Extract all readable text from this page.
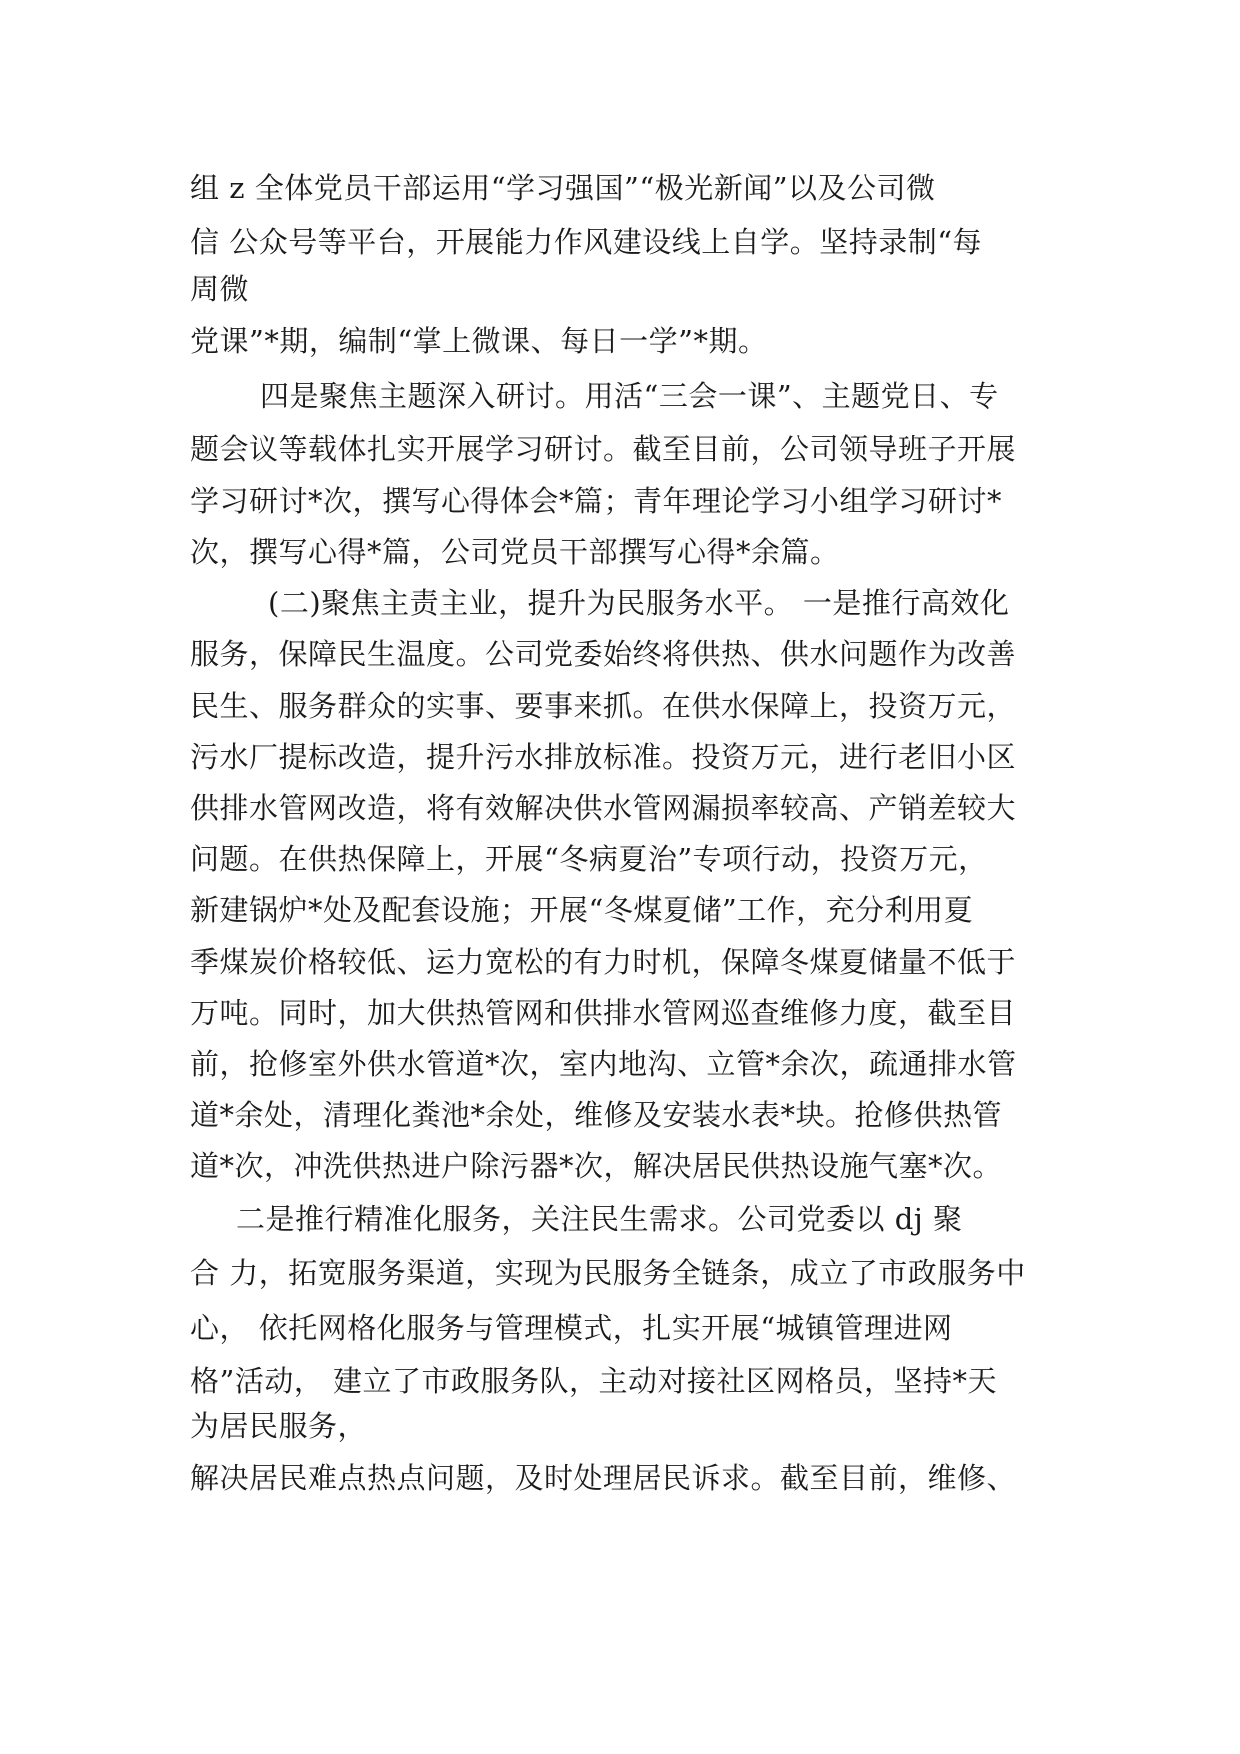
组 z 全体党员干部运用“学习强国”“极光新闻”以及公司微
信 公众号等平台，开展能力作风建设线上自学。坚持录制“每
周微
党课”*期，编制“掌上微课、每日一学”*期。
四是聚焦主题深入研讨。用活“三会一课”、主题党日、专
题会议等载体扎实开展学习研讨。截至目前，公司领导班子开展
学习研讨*次，撰写心得体会*篇；青年理论学习小组学习研讨*
次，撰写心得*篇，公司党员干部撰写心得*余篇。
(二)聚焦主责主业，提升为民服务水平。 一是推行高效化
服务，保障民生温度。公司党委始终将供热、供水问题作为改善
民生、服务群众的实事、要事来抓。在供水保障上，投资万元，
污水厂提标改造，提升污水排放标准。投资万元，进行老旧小区
供排水管网改造，将有效解决供水管网漏损率较高、产销差较大
问题。在供热保障上，开展“冬病夏治”专项行动，投资万元，
新建锅炉*处及配套设施；开展“冬煤夏储”工作，充分利用夏
季煤炭价格较低、运力宽松的有力时机，保障冬煤夏储量不低于
万吨。同时，加大供热管网和供排水管网巡查维修力度，截至目
前，抢修室外供水管道*次，室内地沟、立管*余次，疏通排水管
道*余处，清理化粪池*余处，维修及安装水表*块。抢修供热管
道*次，冲洗供热进户除污器*次，解决居民供热设施气塞*次。
二是推行精准化服务，关注民生需求。公司党委以 dj 聚
合 力，拓宽服务渠道，实现为民服务全链条，成立了市政服务中
心， 依托网格化服务与管理模式，扎实开展“城镇管理进网
格”活动， 建立了市政服务队，主动对接社区网格员，坚持*天
为居民服务，
解决居民难点热点问题，及时处理居民诉求。截至目前，维修、
